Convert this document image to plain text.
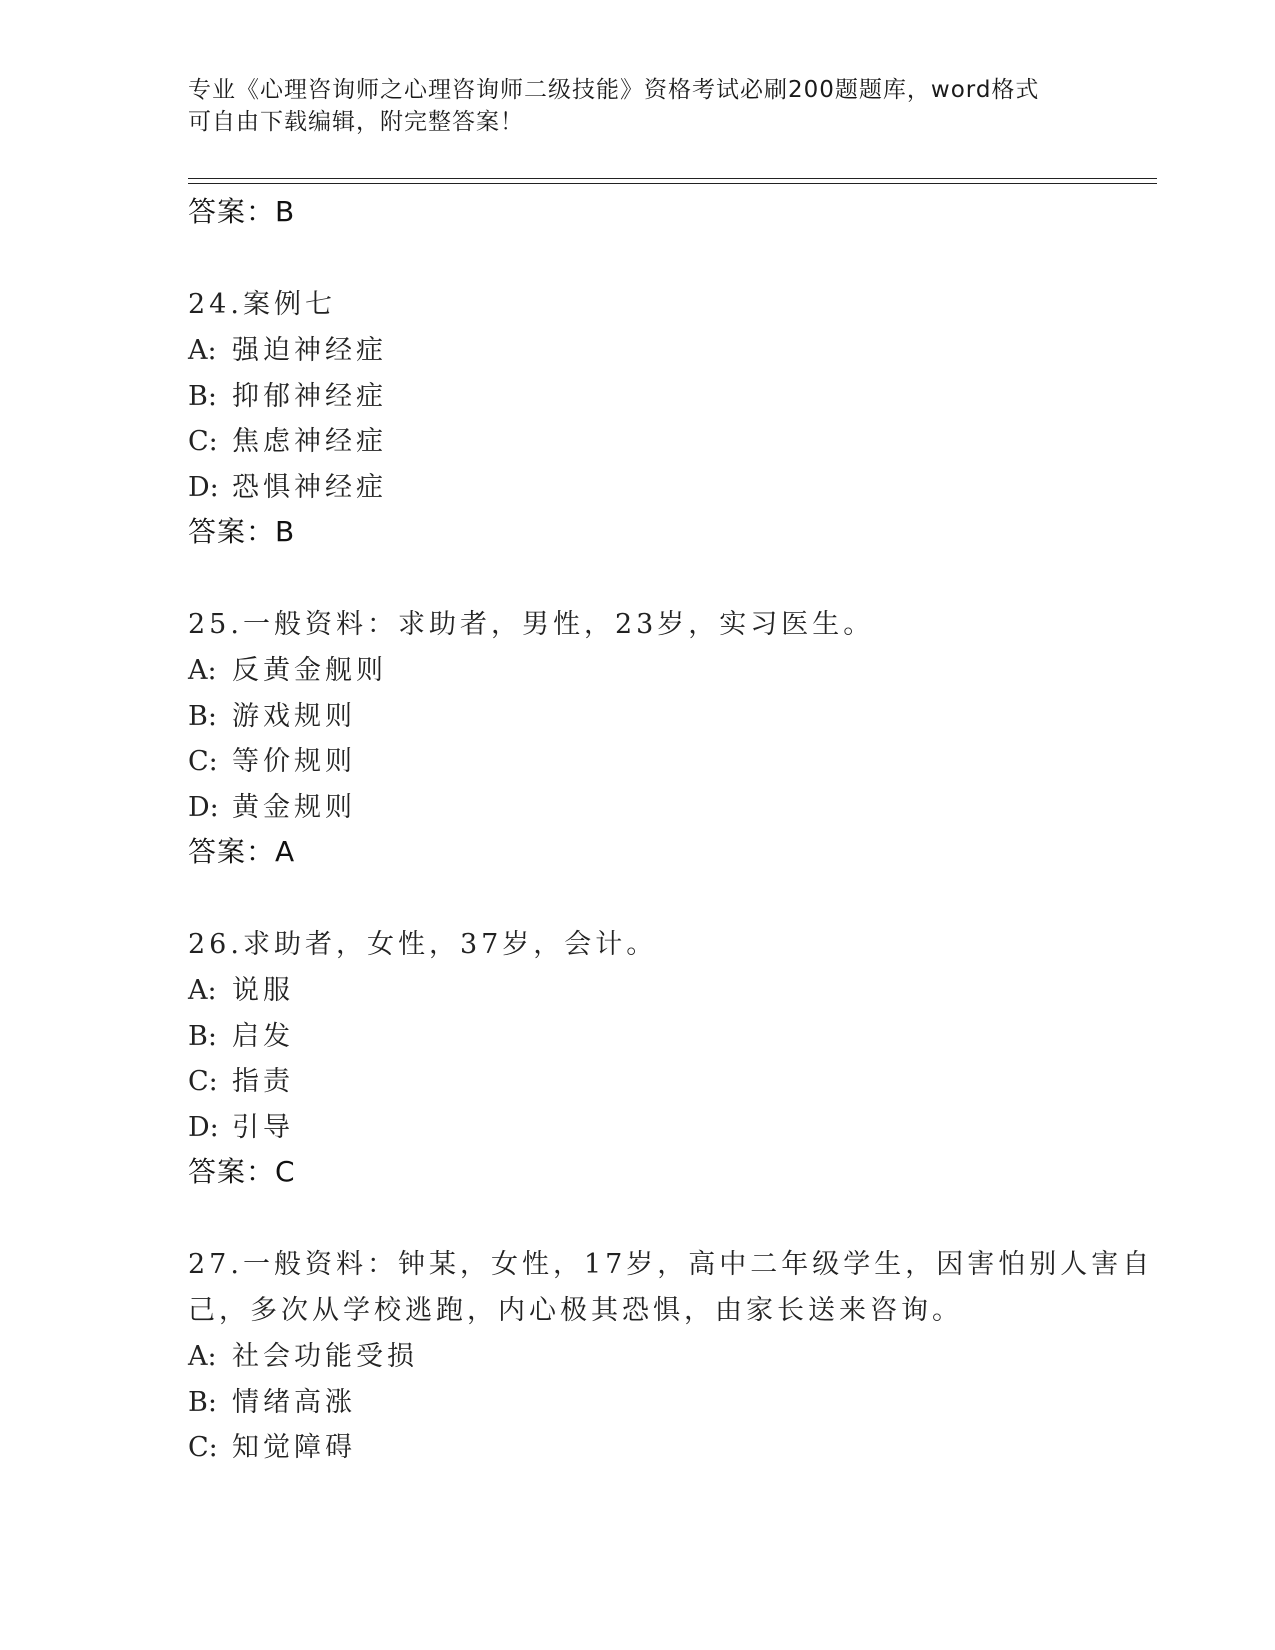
专业《心理咨询师之心理咨询师二级技能》资格考试必刷200题题库，word格式
可自由下载编辑，附完整答案！
答案：B
24.案例七
A: 强迫神经症
B: 抑郁神经症
C: 焦虑神经症
D: 恐惧神经症
答案：B
25.一般资料：求助者，男性，23岁，实习医生。
A: 反黄金舰则
B: 游戏规则
C: 等价规则
D: 黄金规则
答案：A
26.求助者，女性，37岁，会计。
A: 说服
B: 启发
C: 指责
D: 引导
答案：C
27.一般资料：钟某，女性，17岁，高中二年级学生，因害怕别人害自
己，多次从学校逃跑，内心极其恐惧，由家长送来咨询。
A: 社会功能受损
B: 情绪高涨
C: 知觉障碍
